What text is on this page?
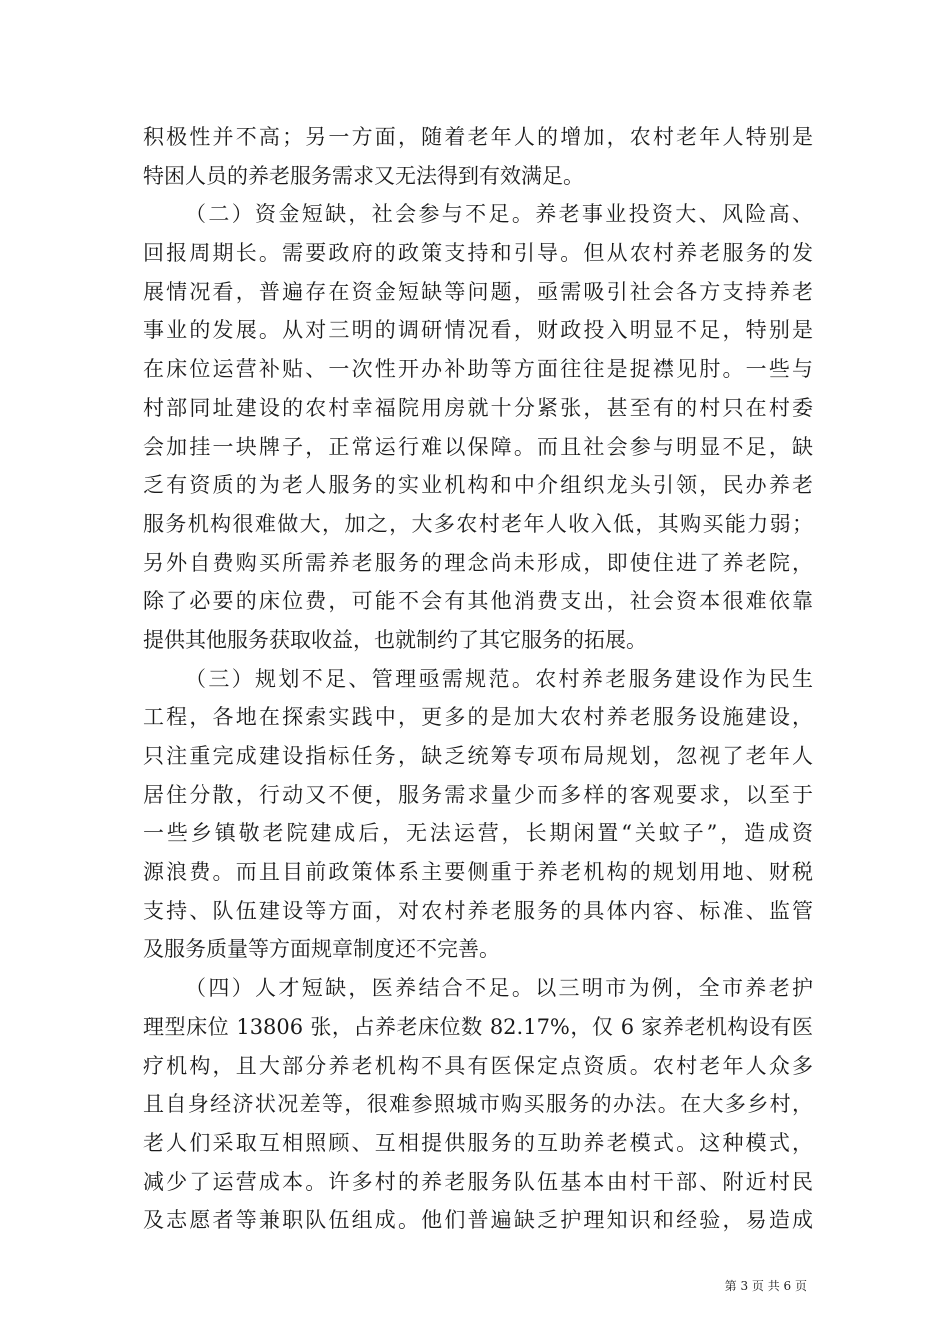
积极性并不高；另一方面，随着老年人的增加，农村老年人特别是
特困人员的养老服务需求又无法得到有效满足。
（二）资金短缺，社会参与不足。养老事业投资大、风险高、
回报周期长。需要政府的政策支持和引导。但从农村养老服务的发
展情况看，普遍存在资金短缺等问题，亟需吸引社会各方支持养老
事业的发展。从对三明的调研情况看，财政投入明显不足，特别是
在床位运营补贴、一次性开办补助等方面往往是捉襟见肘。一些与
村部同址建设的农村幸福院用房就十分紧张，甚至有的村只在村委
会加挂一块牌子，正常运行难以保障。而且社会参与明显不足，缺
乏有资质的为老人服务的实业机构和中介组织龙头引领，民办养老
服务机构很难做大，加之，大多农村老年人收入低，其购买能力弱；
另外自费购买所需养老服务的理念尚未形成，即使住进了养老院，
除了必要的床位费，可能不会有其他消费支出，社会资本很难依靠
提供其他服务获取收益，也就制约了其它服务的拓展。
（三）规划不足、管理亟需规范。农村养老服务建设作为民生
工程，各地在探索实践中，更多的是加大农村养老服务设施建设，
只注重完成建设指标任务，缺乏统筹专项布局规划，忽视了老年人
居住分散，行动又不便，服务需求量少而多样的客观要求，以至于
一些乡镇敬老院建成后，无法运营，长期闲置“关蚊子”，造成资
源浪费。而且目前政策体系主要侧重于养老机构的规划用地、财税
支持、队伍建设等方面，对农村养老服务的具体内容、标准、监管
及服务质量等方面规章制度还不完善。
（四）人才短缺，医养结合不足。以三明市为例，全市养老护
理型床位 13806 张，占养老床位数 82.17%，仅 6 家养老机构设有医
疗机构，且大部分养老机构不具有医保定点资质。农村老年人众多
且自身经济状况差等，很难参照城市购买服务的办法。在大多乡村，
老人们采取互相照顾、互相提供服务的互助养老模式。这种模式，
减少了运营成本。许多村的养老服务队伍基本由村干部、附近村民
及志愿者等兼职队伍组成。他们普遍缺乏护理知识和经验，易造成
第 3 页 共 6 页
